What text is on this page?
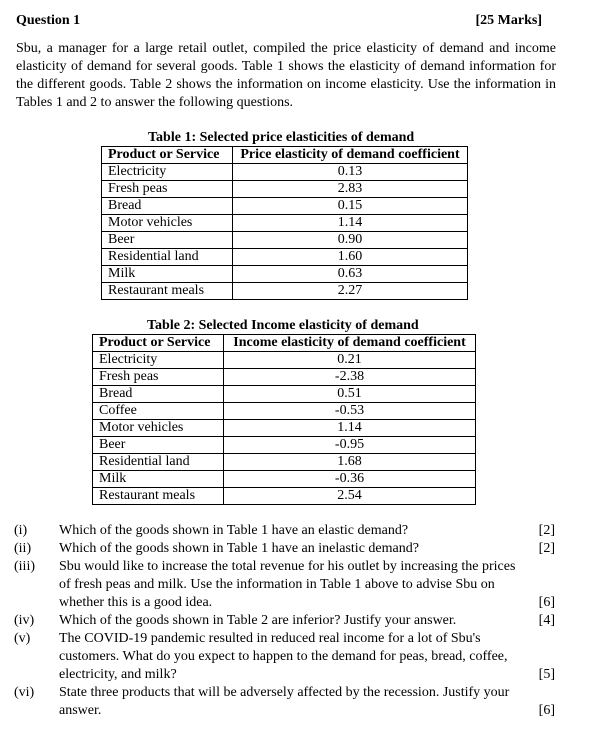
Question 1	[25 Marks]
Sbu, a manager for a large retail outlet, compiled the price elasticity of demand and income elasticity of demand for several goods. Table 1 shows the elasticity of demand information for the different goods. Table 2 shows the information on income elasticity. Use the information in Tables 1 and 2 to answer the following questions.
Table 1: Selected price elasticities of demand
Product or Service	Price elasticity of demand coefficient
Electricity	0.13
Fresh peas	2.83
Bread	0.15
Motor vehicles	1.14
Beer	0.90
Residential land	1.60
Milk	0.63
Restaurant meals	2.27
Table 2: Selected Income elasticity of demand
Product or Service	Income elasticity of demand coefficient
Electricity	0.21
Fresh peas	-2.38
Bread	0.51
Coffee	-0.53
Motor vehicles	1.14
Beer	-0.95
Residential land	1.68
Milk	-0.36
Restaurant meals	2.54
(i) Which of the goods shown in Table 1 have an elastic demand?	[2]
(ii) Which of the goods shown in Table 1 have an inelastic demand?	[2]
(iii) Sbu would like to increase the total revenue for his outlet by increasing the prices of fresh peas and milk. Use the information in Table 1 above to advise Sbu on whether this is a good idea.	[6]
(iv) Which of the goods shown in Table 2 are inferior? Justify your answer.	[4]
(v) The COVID-19 pandemic resulted in reduced real income for a lot of Sbu's customers. What do you expect to happen to the demand for peas, bread, coffee, electricity, and milk?	[5]
(vi) State three products that will be adversely affected by the recession. Justify your answer.	[6]
